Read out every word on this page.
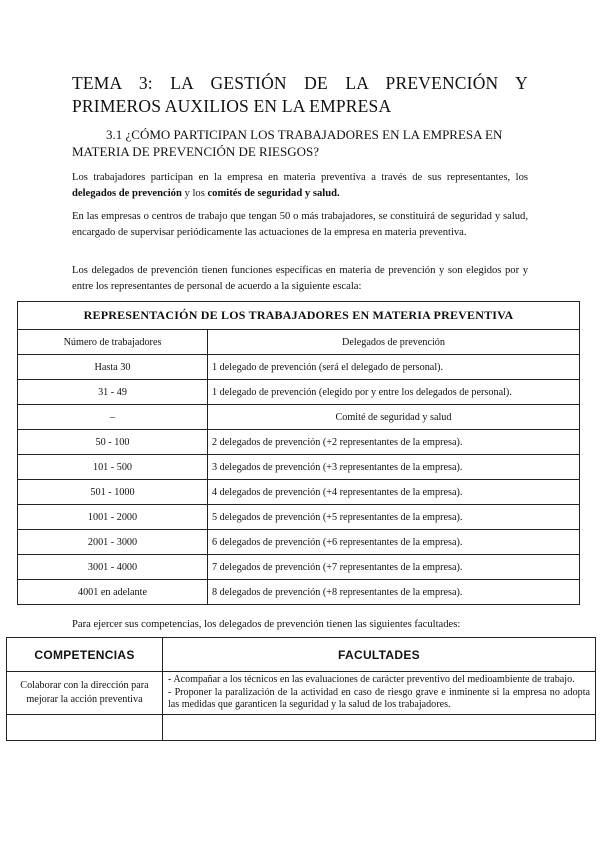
TEMA 3: LA GESTIÓN DE LA PREVENCIÓN Y PRIMEROS AUXILIOS EN LA EMPRESA
3.1 ¿CÓMO PARTICIPAN LOS TRABAJADORES EN LA EMPRESA EN MATERIA DE PREVENCIÓN DE RIESGOS?
Los trabajadores participan en la empresa en materia preventiva a través de sus representantes, los delegados de prevención y los comités de seguridad y salud.
En las empresas o centros de trabajo que tengan 50 o más trabajadores, se constituirá de seguridad y salud, encargado de supervisar periódicamente las actuaciones de la empresa en materia preventiva.
Los delegados de prevención tienen funciones específicas en materia de prevención y son elegidos por y entre los representantes de personal de acuerdo a la siguiente escala:
REPRESENTACIÓN DE LOS TRABAJADORES EN MATERIA PREVENTIVA	
Número de trabajadores	Delegados de prevención
Hasta 30	1 delegado de prevención (será el delegado de personal).
31 - 49	1 delegado de prevención (elegido por y entre los delegados de personal).
–	Comité de seguridad y salud
50 - 100	2 delegados de prevención (+2 representantes de la empresa).
101 - 500	3 delegados de prevención (+3 representantes de la empresa).
501 - 1000	4 delegados de prevención (+4 representantes de la empresa).
1001 - 2000	5 delegados de prevención (+5 representantes de la empresa).
2001 - 3000	6 delegados de prevención (+6 representantes de la empresa).
3001 - 4000	7 delegados de prevención (+7 representantes de la empresa).
4001 en adelante	8 delegados de prevención (+8 representantes de la empresa).
Para ejercer sus competencias, los delegados de prevención tienen las siguientes facultades:
COMPETENCIAS	FACULTADES
Colaborar con la dirección para mejorar la acción preventiva	- Acompañar a los técnicos en las evaluaciones de carácter preventivo del medioambiente de trabajo.
- Proponer la paralización de la actividad en caso de riesgo grave e inminente si la empresa no adopta las medidas que garanticen la seguridad y la salud de los trabajadores.
